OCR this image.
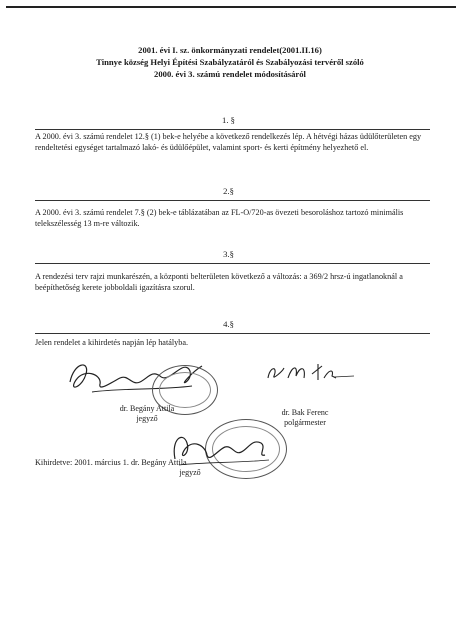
2001. évi I. sz. önkormányzati rendelet(2001.II.16)
Tinnye község Helyi Építési Szabályzatáról és Szabályozási tervéről szóló
2000. évi 3. számú rendelet módosításáról
1. §
A 2000. évi 3. számú rendelet 12.§ (1) bek-e helyébe a következő rendelkezés lép. A hétvégi házas üdülőterületen egy rendeltetési egységet tartalmazó lakó- és üdülőépület, valamint sport- és kerti építmény helyezhető el.
2.§
A 2000. évi 3. számú rendelet 7.§ (2) bek-e táblázatában az FL-O/720-as övezeti besoroláshoz tartozó minimális telekszélesség 13 m-re változik.
3.§
A rendezési terv rajzi munkarészén, a központi belterületen következő a változás: a 369/2 hrsz-ú ingatlanoknál a beépíthetőség kerete jobboldali igazításra szorul.
4.§
Jelen rendelet a kihirdetés napján lép hatályba.
dr. Begány Attila
jegyző
dr. Bak Ferenc
polgármester
Kihirdetve: 2001. március 1. dr. Begány Attila
jegyző
